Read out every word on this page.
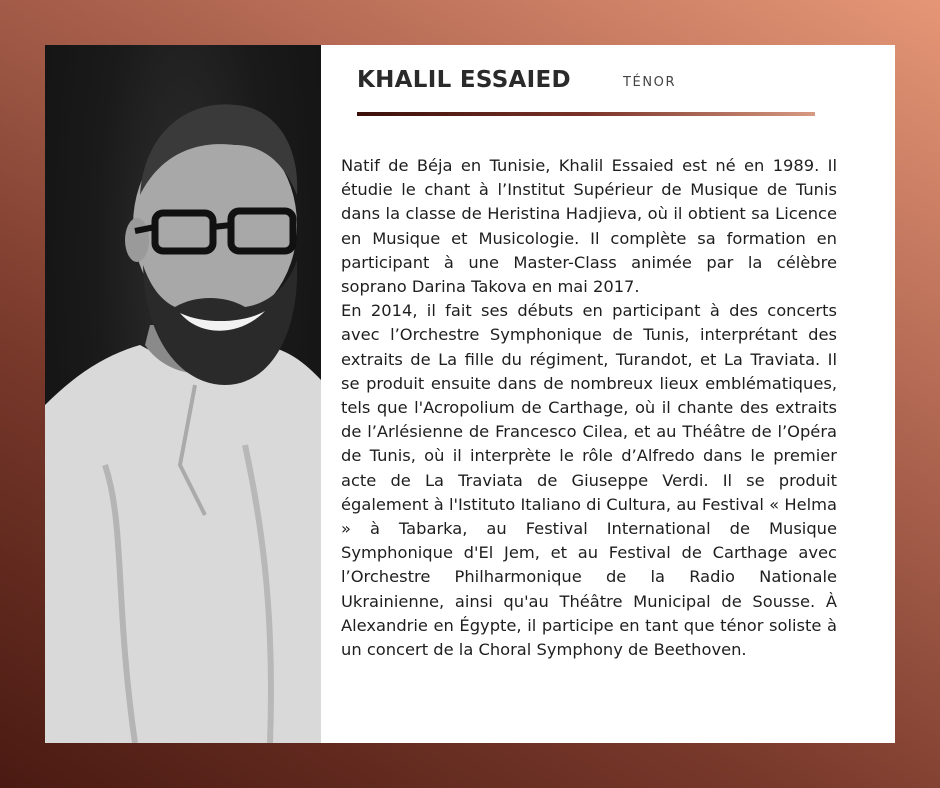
KHALIL ESSAIED	TÉNOR

Natif de Béja en Tunisie, Khalil Essaied est né en 1989. Il étudie le chant à l’Institut Supérieur de Musique de Tunis dans la classe de Heristina Hadjieva, où il obtient sa Licence en Musique et Musicologie. Il complète sa formation en participant à une Master-Class animée par la célèbre soprano Darina Takova en mai 2017.

En 2014, il fait ses débuts en participant à des concerts avec l’Orchestre Symphonique de Tunis, interprétant des extraits de La fille du régiment, Turandot, et La Traviata. Il se produit ensuite dans de nombreux lieux emblématiques, tels que l'Acropolium de Carthage, où il chante des extraits de l’Arlésienne de Francesco Cilea, et au Théâtre de l’Opéra de Tunis, où il interprète le rôle d’Alfredo dans le premier acte de La Traviata de Giuseppe Verdi. Il se produit également à l'Istituto Italiano di Cultura, au Festival « Helma » à Tabarka, au Festival International de Musique Symphonique d'El Jem, et au Festival de Carthage avec l’Orchestre Philharmonique de la Radio Nationale Ukrainienne, ainsi qu'au Théâtre Municipal de Sousse. À Alexandrie en Égypte, il participe en tant que ténor soliste à un concert de la Choral Symphony de Beethoven.
